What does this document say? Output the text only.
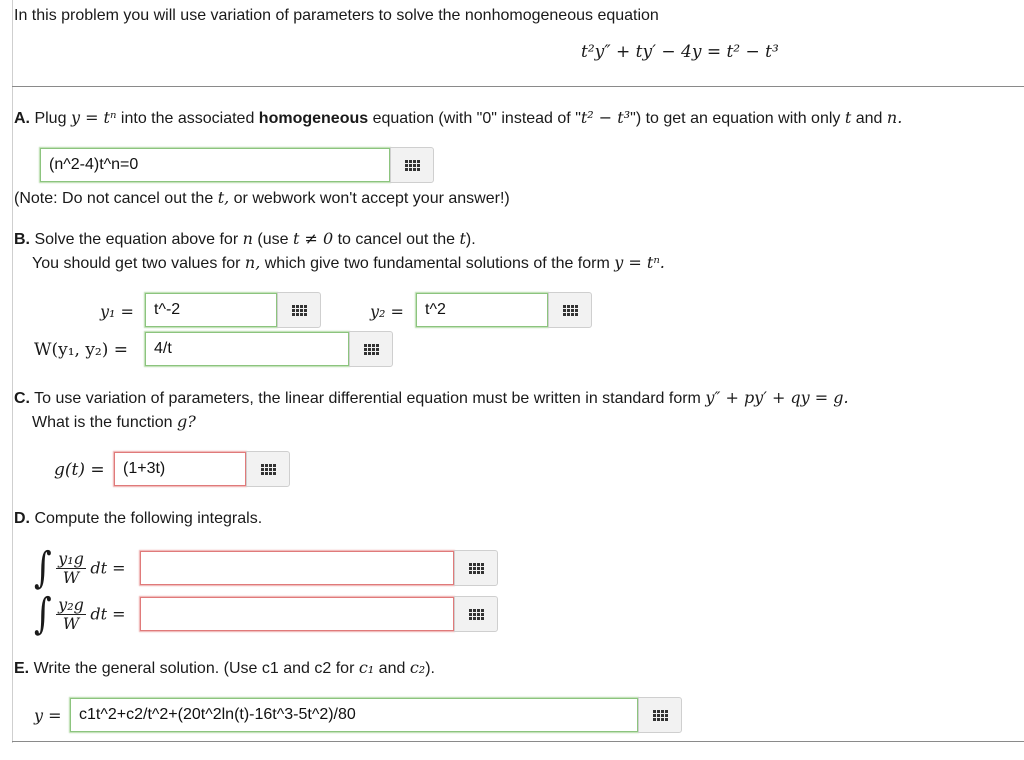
In this problem you will use variation of parameters to solve the nonhomogeneous equation
t²y″ + ty′ − 4y = t² − t³
A. Plug y = tⁿ into the associated homogeneous equation (with "0" instead of "t² − t³") to get an equation with only t and n.
(n^2-4)t^n=0
(Note: Do not cancel out the t, or webwork won't accept your answer!)
B. Solve the equation above for n (use t ≠ 0 to cancel out the t).
You should get two values for n, which give two fundamental solutions of the form y = tⁿ.
y₁ =	t^-2	y₂ =	t^2
W(y₁, y₂) =	4/t
C. To use variation of parameters, the linear differential equation must be written in standard form y″ + py′ + qy = g.
What is the function g?
g(t) =	(1+3t)
D. Compute the following integrals.
∫ $\frac{\text{y₁g}}{W}$ dt =
∫ $\frac{\text{y₂g}}{W}$ dt =
E. Write the general solution. (Use c1 and c2 for c₁ and c₂).
y =	c1t^2+c2/t^2+(20t^2ln(t)-16t^3-5t^2)/80
